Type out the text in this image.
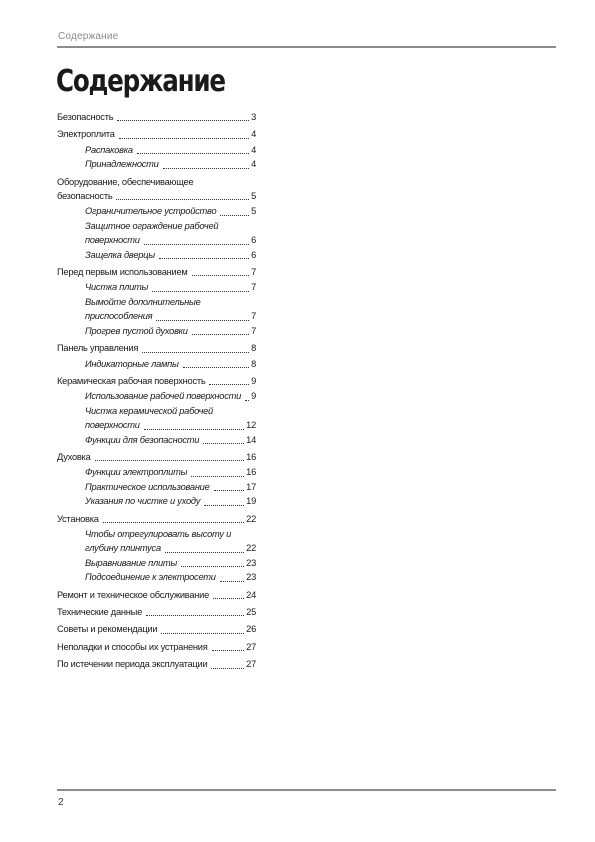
Содержание
Содержание
Безопасность	3
Электроплита	4
Распаковка	4
Принадлежности	4
Оборудование, обеспечивающее
безопасность	5
Ограничительное устройство	5
Защитное ограждение рабочей
поверхности	6
Защелка дверцы	6
Перед первым использованием	7
Чистка плиты	7
Вымойте дополнительные
приспособления	7
Прогрев пустой духовки	7
Панель управления	8
Индикаторные лампы	8
Керамическая рабочая поверхность	9
Использование рабочей поверхности 9
Чистка керамической рабочей
поверхности	12
Функции для безопасности	14
Духовка	16
Функции электроплиты	16
Практическое использование	17
Указания по чистке и уходу	19
Установка	22
Чтобы отрегулировать высоту и
глубину плинтуса	22
Выравнивание плиты	23
Подсоединение к электросети	23
Ремонт и техническое обслуживание	24
Технические данные	25
Советы и рекомендации	26
Неполадки и способы их устранения	27
По истечении периода эксплуатации	27
2
